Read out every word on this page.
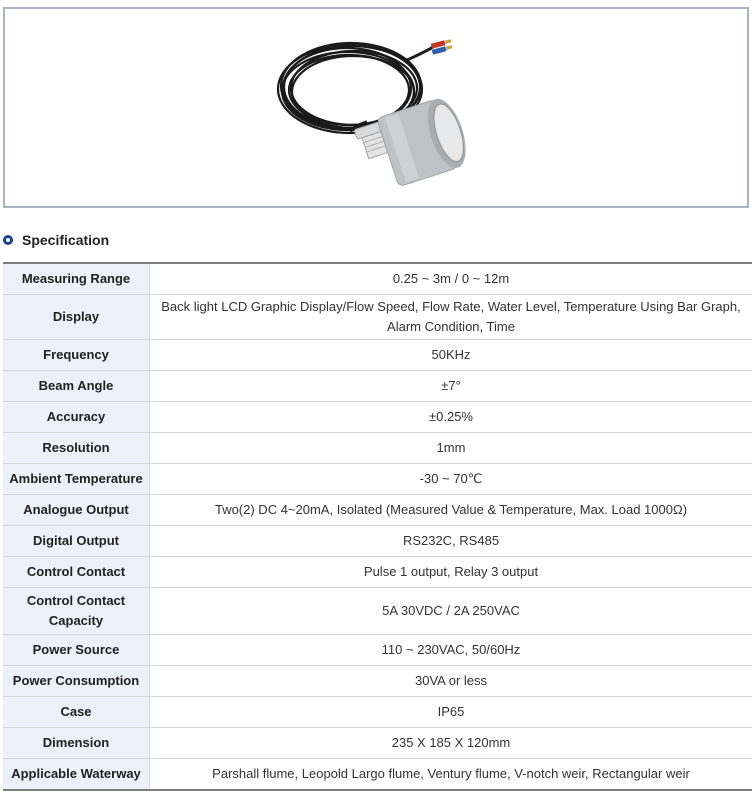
Specification
Measuring Range	0.25 ~ 3m / 0 ~ 12m
Display	Back light LCD Graphic Display/Flow Speed, Flow Rate, Water Level, Temperature Using Bar Graph, Alarm Condition, Time
Frequency	50KHz
Beam Angle	±7°
Accuracy	±0.25%
Resolution	1mm
Ambient Temperature	-30 ~ 70℃
Analogue Output	Two(2) DC 4~20mA, Isolated (Measured Value & Temperature, Max. Load 1000Ω)
Digital Output	RS232C, RS485
Control Contact	Pulse 1 output, Relay 3 output
Control Contact Capacity	5A 30VDC / 2A 250VAC
Power Source	110 ~ 230VAC, 50/60Hz
Power Consumption	30VA or less
Case	IP65
Dimension	235 X 185 X 120mm
Applicable Waterway	Parshall flume, Leopold Largo flume, Ventury flume, V-notch weir, Rectangular weir
